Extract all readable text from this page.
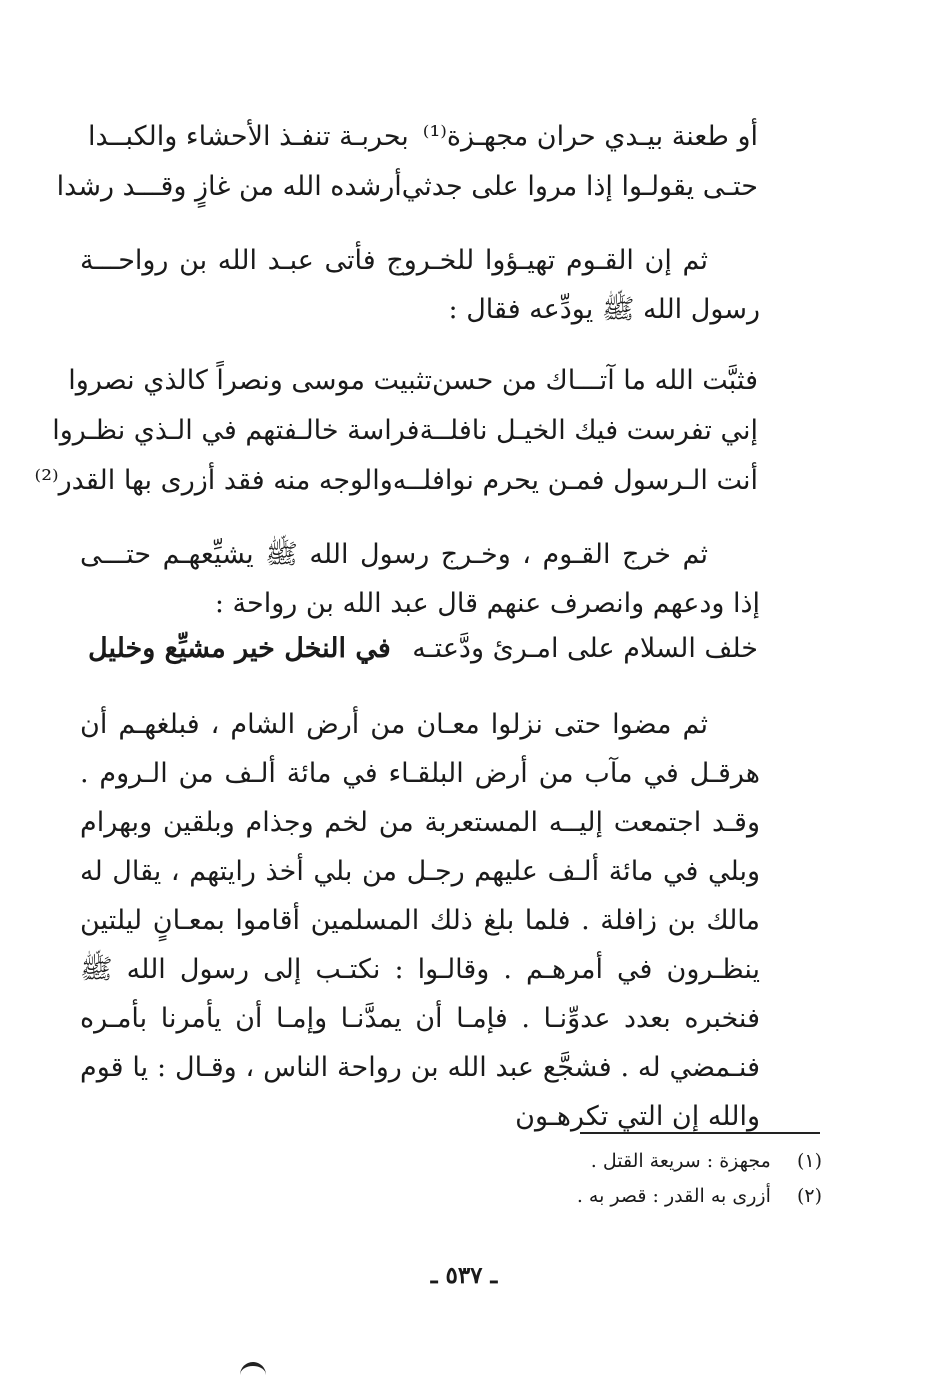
أو طعنة بيـدي حران مجهـزة⁽¹⁾
بحربـة تنفـذ الأحشاء والكبــدا
حتـى يقولـوا إذا مروا على جدثي
أرشده الله من غازٍ وقـــد رشدا

ثم إن القـوم تهيـؤوا للخـروج فأتى عبـد الله بن رواحـــة رسول الله ﷺ يودِّعه فقال :

فثبَّت الله ما آتـــاك من حسن
تثبيت موسى ونصراً كالذي نصروا
إني تفرست فيك الخيـل نافلــة
فراسة خالـفتهم في الـذي نظـروا
أنت الـرسول فمـن يحرم نوافلــه
والوجه منه فقد أزرى بها القدر⁽²⁾

ثم خرج القـوم ، وخـرج رسول الله ﷺ يشيِّعهـم حتـــى إذا ودعهم وانصرف عنهم قال عبد الله بن رواحة :

خلف السلام على امـرئ ودَّعتـه
في النخل خير مشيِّع وخليل

ثم مضوا حتى نزلوا معـان من أرض الشام ، فبلغهـم أن هرقـل في مآب من أرض البلقـاء في مائة ألـف من الـروم . وقـد اجتمعت إليــه المستعربة من لخم وجذام وبلقين وبهرام وبلي في مائة ألـف عليهم رجـل من بلي أخذ رايتهم ، يقال له مالك بن زافلة . فلما بلغ ذلك المسلمين أقاموا بمعـانٍ ليلتين ينظـرون في أمرهـم . وقالـوا : نكتـب إلى رسول الله ﷺ فنخبره بعدد عدوِّنـا . فإمـا أن يمدَّنـا وإمـا أن يأمرنا بأمـره فنـمضي له . فشجَّع عبد الله بن رواحة الناس ، وقـال : يا قوم والله إن التي تكرهـون

(١)  مجهزة : سريعة القتل .
(٢)  أزرى به القدر : قصر به .
ـ ٥٣٧ ـ
